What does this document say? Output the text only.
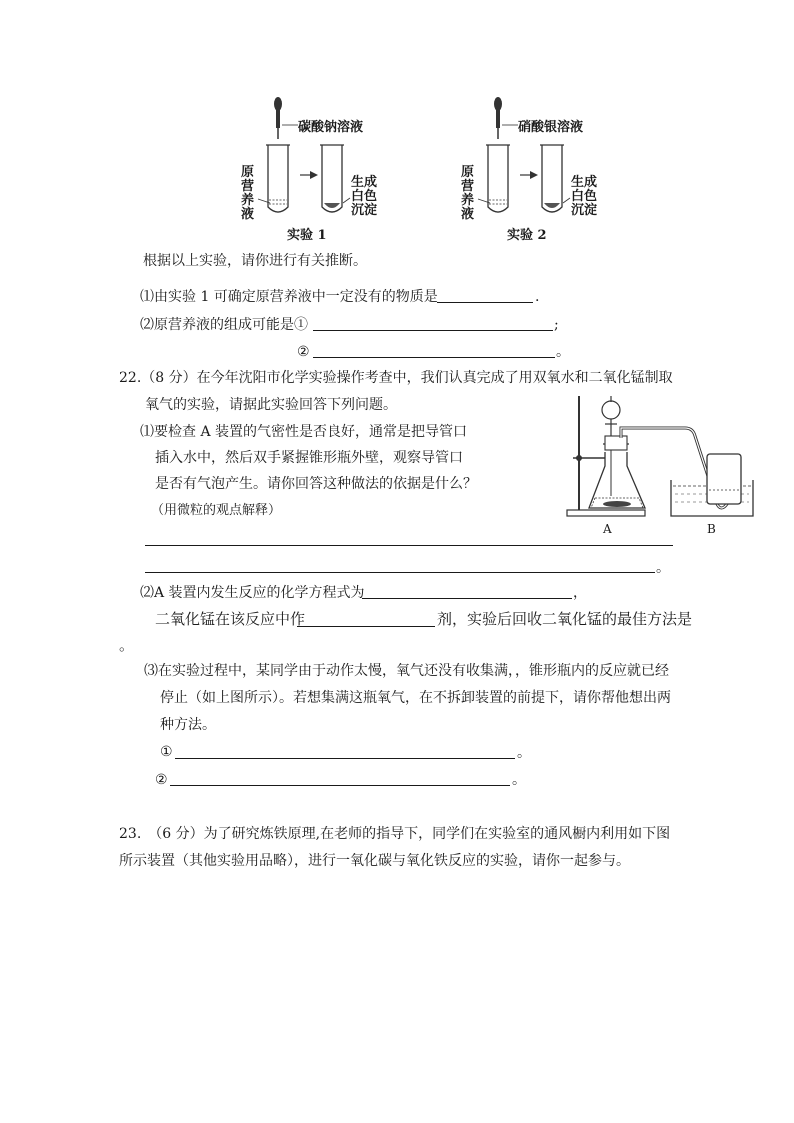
碳酸钠溶液
原
营
养
液
生成
白色
沉淀
实验 1
硝酸银溶液
原
营
养
液
生成
白色
沉淀
实验 2
根据以上实验，请你进行有关推断。
⑴由实验 1 可确定原营养液中一定没有的物质是	.
⑵原营养液的组成可能是①	;
②	。
22.（8 分）在今年沈阳市化学实验操作考查中，我们认真完成了用双氧水和二氧化锰制取
氧气的实验，请据此实验回答下列问题。
⑴要检查 A 装置的气密性是否良好，通常是把导管口
插入水中，然后双手紧握锥形瓶外壁，观察导管口
是否有气泡产生。请你回答这种做法的依据是什么？
（用微粒的观点解释）
A	B
。
⑵A 装置内发生反应的化学方程式为	，
二氧化锰在该反应中作	剂，实验后回收二氧化锰的最佳方法是
。
⑶在实验过程中，某同学由于动作太慢，氧气还没有收集满，，锥形瓶内的反应就已经
停止（如上图所示）。若想集满这瓶氧气，在不拆卸装置的前提下，请你帮他想出两
种方法。
①	。
②	。
23.　（6 分）为了研究炼铁原理,在老师的指导下，同学们在实验室的通风橱内利用如下图
所示装置（其他实验用品略），进行一氧化碳与氧化铁反应的实验，请你一起参与。
